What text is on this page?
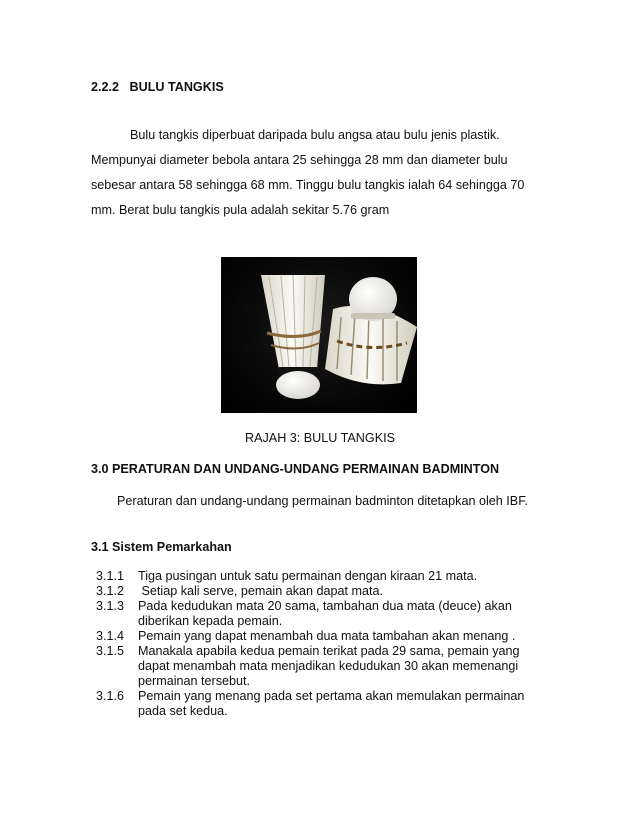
2.2.2   BULU TANGKIS
Bulu tangkis diperbuat daripada bulu angsa atau bulu jenis plastik.
Mempunyai diameter bebola antara 25 sehingga 28 mm dan diameter bulu
sebesar antara 58 sehingga 68 mm. Tinggu bulu tangkis ialah 64 sehingga 70
mm. Berat bulu tangkis pula adalah sekitar 5.76 gram

RAJAH 3: BULU TANGKIS
3.0 PERATURAN DAN UNDANG-UNDANG PERMAINAN BADMINTON
Peraturan dan undang-undang permainan badminton ditetapkan oleh IBF.
3.1 Sistem Pemarkahan
3.1.1	Tiga pusingan untuk satu permainan dengan kiraan 21 mata.
3.1.2	Setiap kali serve, pemain akan dapat mata.
3.1.3	Pada kedudukan mata 20 sama, tambahan dua mata (deuce) akan
diberikan kepada pemain.
3.1.4	Pemain yang dapat menambah dua mata tambahan akan menang .
3.1.5	Manakala apabila kedua pemain terikat pada 29 sama, pemain yang
dapat menambah mata menjadikan kedudukan 30 akan memenangi
permainan tersebut.
3.1.6	Pemain yang menang pada set pertama akan memulakan permainan
pada set kedua.
